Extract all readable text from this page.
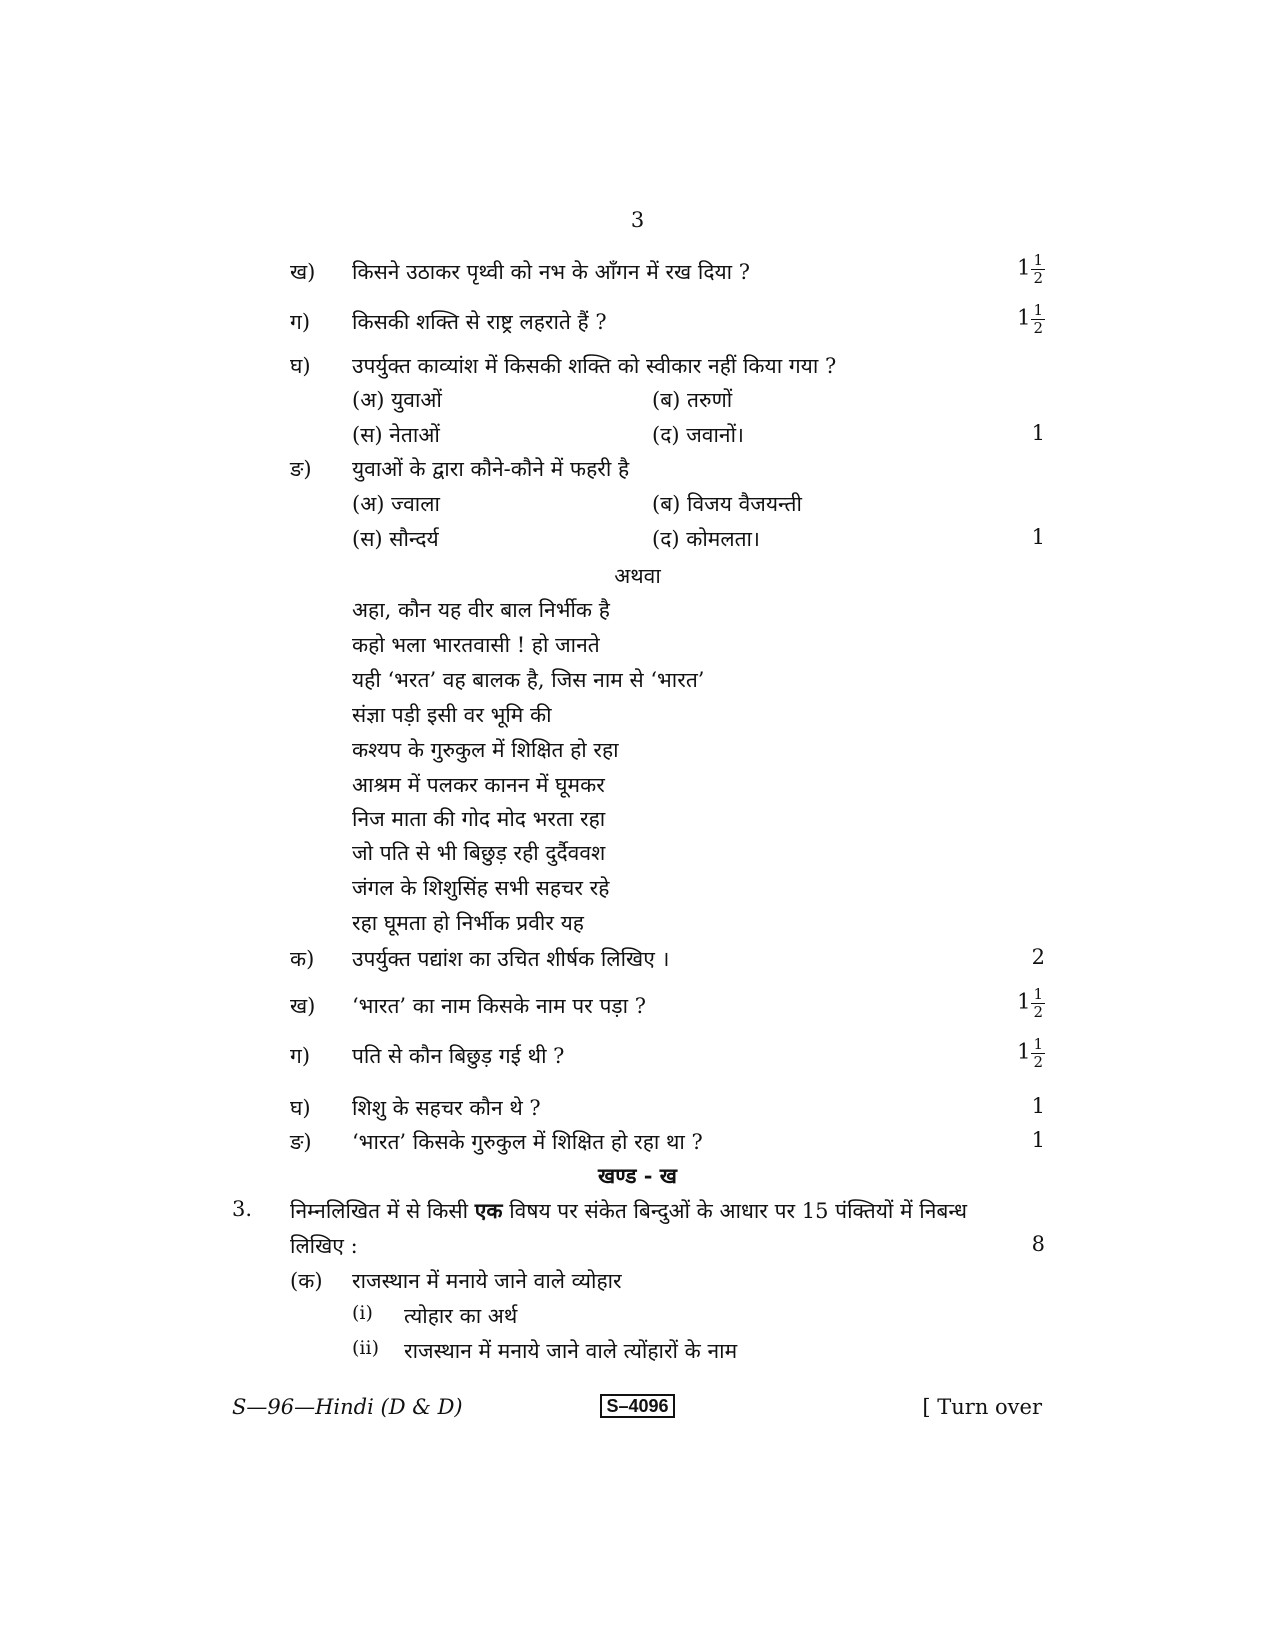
3
ख) किसने उठाकर पृथ्वी को नभ के आँगन में रख दिया ?	$1 \frac{1}{2}$
ग) किसकी शक्ति से राष्ट्र लहराते हैं ?	$1 \frac{1}{2}$
घ) उपर्युक्त काव्यांश में किसकी शक्ति को स्वीकार नहीं किया गया ?
(अ) युवाओं	(ब) तरुणों
(स) नेताओं	(द) जवानों।	1
ङ) युवाओं के द्वारा कौने-कौने में फहरी है
(अ) ज्वाला	(ब) विजय वैजयन्ती
(स) सौन्दर्य	(द) कोमलता।	1
अथवा
अहा, कौन यह वीर बाल निर्भीक है
कहो भला भारतवासी ! हो जानते
यही ‘भरत’ वह बालक है, जिस नाम से ‘भारत’
संज्ञा पड़ी इसी वर भूमि की
कश्यप के गुरुकुल में शिक्षित हो रहा
आश्रम में पलकर कानन में घूमकर
निज माता की गोद मोद भरता रहा
जो पति से भी बिछुड़ रही दुर्दैववश
जंगल के शिशुसिंह सभी सहचर रहे
रहा घूमता हो निर्भीक प्रवीर यह
क) उपर्युक्त पद्यांश का उचित शीर्षक लिखिए ।	2
ख) ‘भारत’ का नाम किसके नाम पर पड़ा ?	$1 \frac{1}{2}$
ग) पति से कौन बिछुड़ गई थी ?	$1 \frac{1}{2}$
घ) शिशु के सहचर कौन थे ?	1
ङ) ‘भारत’ किसके गुरुकुल में शिक्षित हो रहा था ?	1
खण्ड - ख
3. निम्नलिखित में से किसी एक विषय पर संकेत बिन्दुओं के आधार पर 15 पंक्तियों में निबन्ध
लिखिए :	8
(क) राजस्थान में मनाये जाने वाले व्योहार
(i) त्योहार का अर्थ
(ii) राजस्थान में मनाये जाने वाले त्योंहारों के नाम
S—96—Hindi (D & D)	S–4096	[ Turn over
